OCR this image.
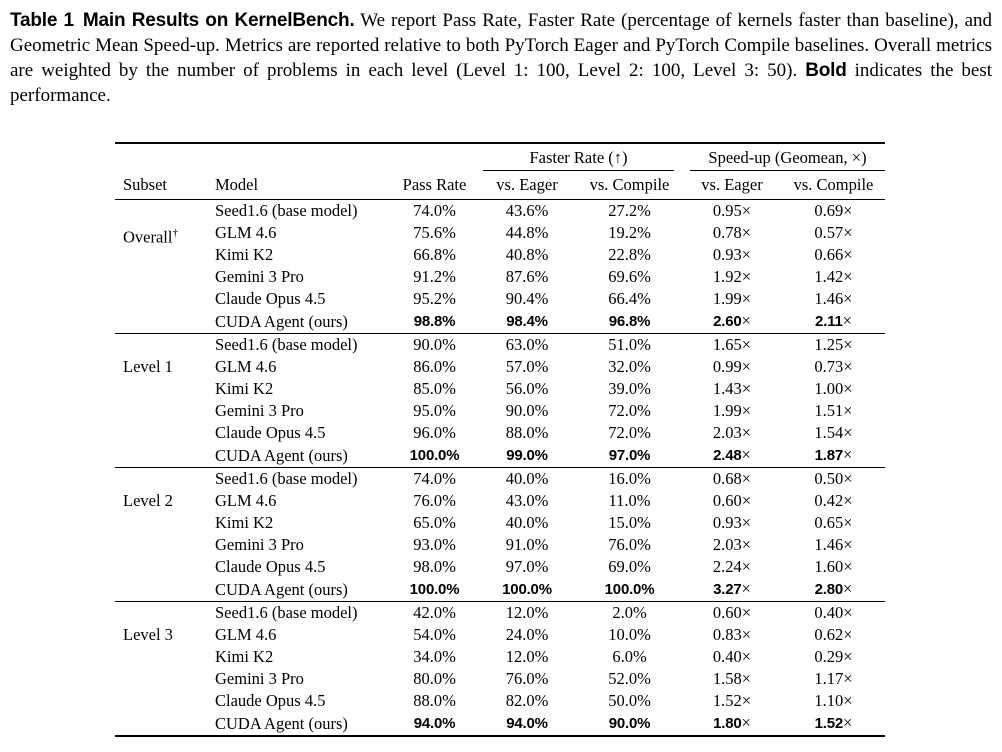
Table 1 Main Results on KernelBench. We report Pass Rate, Faster Rate (percentage of kernels faster than baseline), and Geometric Mean Speed-up. Metrics are reported relative to both PyTorch Eager and PyTorch Compile baselines. Overall metrics are weighted by the number of problems in each level (Level 1: 100, Level 2: 100, Level 3: 50). Bold indicates the best performance.

			Faster Rate (↑)		Speed-up (Geomean, ×)	

Subset	Model	Pass Rate	vs. Eager	vs. Compile	vs. Eager	vs. Compile
Overall†	Seed1.6 (base model)	74.0%	43.6%	27.2%	0.95×	0.69×
	GLM 4.6	75.6%	44.8%	19.2%	0.78×	0.57×
	Kimi K2	66.8%	40.8%	22.8%	0.93×	0.66×
	Gemini 3 Pro	91.2%	87.6%	69.6%	1.92×	1.42×
	Claude Opus 4.5	95.2%	90.4%	66.4%	1.99×	1.46×
	CUDA Agent (ours)	98.8%	98.4%	96.8%	2.60×	2.11×
Level 1	Seed1.6 (base model)	90.0%	63.0%	51.0%	1.65×	1.25×
	GLM 4.6	86.0%	57.0%	32.0%	0.99×	0.73×
	Kimi K2	85.0%	56.0%	39.0%	1.43×	1.00×
	Gemini 3 Pro	95.0%	90.0%	72.0%	1.99×	1.51×
	Claude Opus 4.5	96.0%	88.0%	72.0%	2.03×	1.54×
	CUDA Agent (ours)	100.0%	99.0%	97.0%	2.48×	1.87×
Level 2	Seed1.6 (base model)	74.0%	40.0%	16.0%	0.68×	0.50×
	GLM 4.6	76.0%	43.0%	11.0%	0.60×	0.42×
	Kimi K2	65.0%	40.0%	15.0%	0.93×	0.65×
	Gemini 3 Pro	93.0%	91.0%	76.0%	2.03×	1.46×
	Claude Opus 4.5	98.0%	97.0%	69.0%	2.24×	1.60×
	CUDA Agent (ours)	100.0%	100.0%	100.0%	3.27×	2.80×
Level 3	Seed1.6 (base model)	42.0%	12.0%	2.0%	0.60×	0.40×
	GLM 4.6	54.0%	24.0%	10.0%	0.83×	0.62×
	Kimi K2	34.0%	12.0%	6.0%	0.40×	0.29×
	Gemini 3 Pro	80.0%	76.0%	52.0%	1.58×	1.17×
	Claude Opus 4.5	88.0%	82.0%	50.0%	1.52×	1.10×
	CUDA Agent (ours)	94.0%	94.0%	90.0%	1.80×	1.52×
